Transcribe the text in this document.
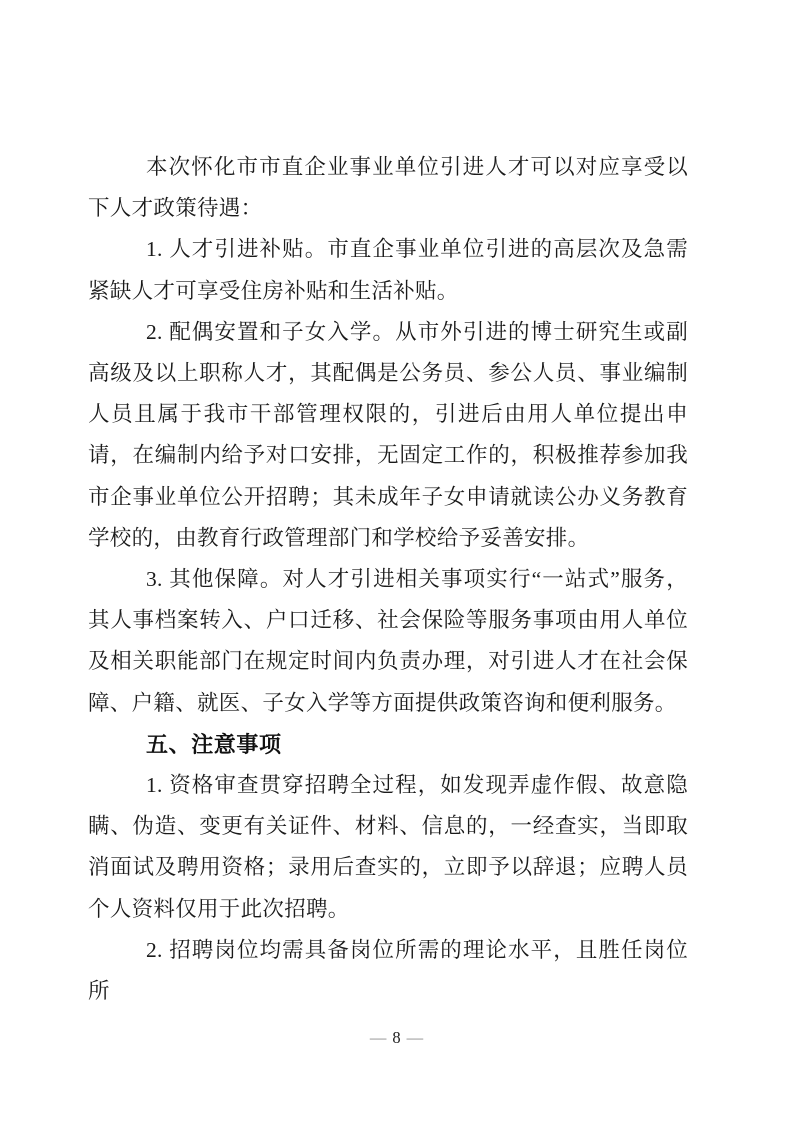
本次怀化市市直企业事业单位引进人才可以对应享受以下人才政策待遇：

1. 人才引进补贴。市直企事业单位引进的高层次及急需紧缺人才可享受住房补贴和生活补贴。

2. 配偶安置和子女入学。从市外引进的博士研究生或副高级及以上职称人才，其配偶是公务员、参公人员、事业编制人员且属于我市干部管理权限的，引进后由用人单位提出申请，在编制内给予对口安排，无固定工作的，积极推荐参加我市企事业单位公开招聘；其未成年子女申请就读公办义务教育学校的，由教育行政管理部门和学校给予妥善安排。

3. 其他保障。对人才引进相关事项实行“一站式”服务，其人事档案转入、户口迁移、社会保险等服务事项由用人单位及相关职能部门在规定时间内负责办理，对引进人才在社会保障、户籍、就医、子女入学等方面提供政策咨询和便利服务。

五、注意事项

1. 资格审查贯穿招聘全过程，如发现弄虚作假、故意隐瞒、伪造、变更有关证件、材料、信息的，一经查实，当即取消面试及聘用资格；录用后查实的，立即予以辞退；应聘人员个人资料仅用于此次招聘。

2. 招聘岗位均需具备岗位所需的理论水平，且胜任岗位所

— 8 —
